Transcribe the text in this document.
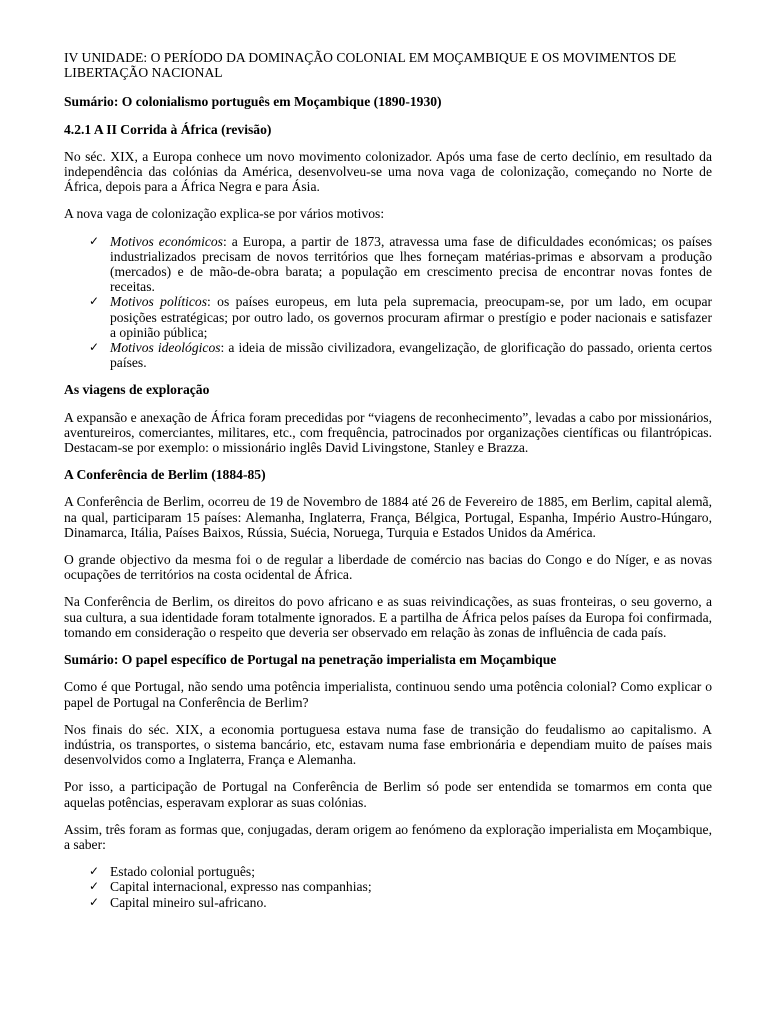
IV UNIDADE: O PERÍODO DA DOMINAÇÃO COLONIAL EM MOÇAMBIQUE E OS MOVIMENTOS DE LIBERTAÇÃO NACIONAL

Sumário: O colonialismo português em Moçambique (1890-1930)

4.2.1 A II Corrida à África (revisão)

No séc. XIX, a Europa conhece um novo movimento colonizador. Após uma fase de certo declínio, em resultado da independência das colónias da América, desenvolveu-se uma nova vaga de colonização, começando no Norte de África, depois para a África Negra e para Ásia.

A nova vaga de colonização explica-se por vários motivos:

✓ Motivos económicos: a Europa, a partir de 1873, atravessa uma fase de dificuldades económicas; os países industrializados precisam de novos territórios que lhes forneçam matérias-primas e absorvam a produção (mercados) e de mão-de-obra barata; a população em crescimento precisa de encontrar novas fontes de receitas.
✓ Motivos políticos: os países europeus, em luta pela supremacia, preocupam-se, por um lado, em ocupar posições estratégicas; por outro lado, os governos procuram afirmar o prestígio e poder nacionais e satisfazer a opinião pública;
✓ Motivos ideológicos: a ideia de missão civilizadora, evangelização, de glorificação do passado, orienta certos países.

As viagens de exploração

A expansão e anexação de África foram precedidas por “viagens de reconhecimento”, levadas a cabo por missionários, aventureiros, comerciantes, militares, etc., com frequência, patrocinados por organizações científicas ou filantrópicas. Destacam-se por exemplo: o missionário inglês David Livingstone, Stanley e Brazza.

A Conferência de Berlim (1884-85)

A Conferência de Berlim, ocorreu de 19 de Novembro de 1884 até 26 de Fevereiro de 1885, em Berlim, capital alemã, na qual, participaram 15 países: Alemanha, Inglaterra, França, Bélgica, Portugal, Espanha, Império Austro-Húngaro, Dinamarca, Itália, Países Baixos, Rússia, Suécia, Noruega, Turquia e Estados Unidos da América.

O grande objectivo da mesma foi o de regular a liberdade de comércio nas bacias do Congo e do Níger, e as novas ocupações de territórios na costa ocidental de África.

Na Conferência de Berlim, os direitos do povo africano e as suas reivindicações, as suas fronteiras, o seu governo, a sua cultura, a sua identidade foram totalmente ignorados. E a partilha de África pelos países da Europa foi confirmada, tomando em consideração o respeito que deveria ser observado em relação às zonas de influência de cada país.

Sumário: O papel específico de Portugal na penetração imperialista em Moçambique

Como é que Portugal, não sendo uma potência imperialista, continuou sendo uma potência colonial? Como explicar o papel de Portugal na Conferência de Berlim?

Nos finais do séc. XIX, a economia portuguesa estava numa fase de transição do feudalismo ao capitalismo. A indústria, os transportes, o sistema bancário, etc, estavam numa fase embrionária e dependiam muito de países mais desenvolvidos como a Inglaterra, França e Alemanha.

Por isso, a participação de Portugal na Conferência de Berlim só pode ser entendida se tomarmos em conta que aquelas potências, esperavam explorar as suas colónias.

Assim, três foram as formas que, conjugadas, deram origem ao fenómeno da exploração imperialista em Moçambique, a saber:

✓ Estado colonial português;
✓ Capital internacional, expresso nas companhias;
✓ Capital mineiro sul-africano.
